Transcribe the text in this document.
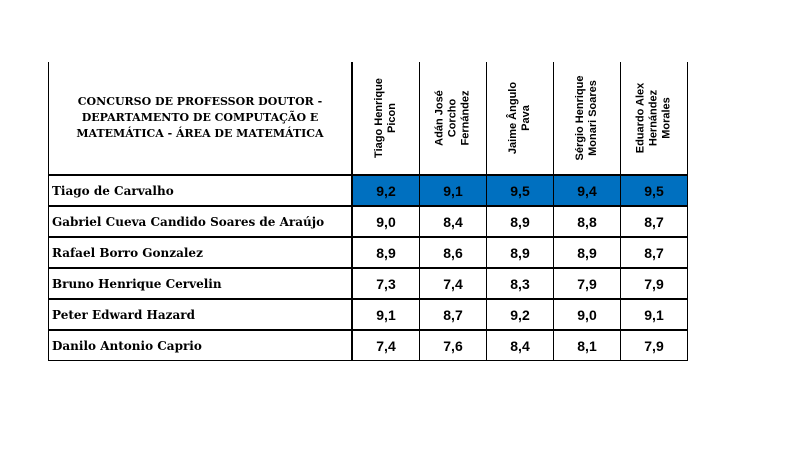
CONCURSO DE PROFESSOR DOUTOR -
DEPARTAMENTO DE COMPUTAÇÃO E
MATEMÁTICA - ÁREA DE MATEMÁTICA	Tiago Henrique Picon	Adán José Corcho Fernández	Jaime Ângulo Pava	Sérgio Henrique Monari Soares	Eduardo Alex Hernández Morales

Tiago de Carvalho	9,2	9,1	9,5	9,4	9,5
Gabriel Cueva Candido Soares de Araújo	9,0	8,4	8,9	8,8	8,7
Rafael Borro Gonzalez	8,9	8,6	8,9	8,9	8,7
Bruno Henrique Cervelin	7,3	7,4	8,3	7,9	7,9
Peter Edward Hazard	9,1	8,7	9,2	9,0	9,1
Danilo Antonio Caprio	7,4	7,6	8,4	8,1	7,9
